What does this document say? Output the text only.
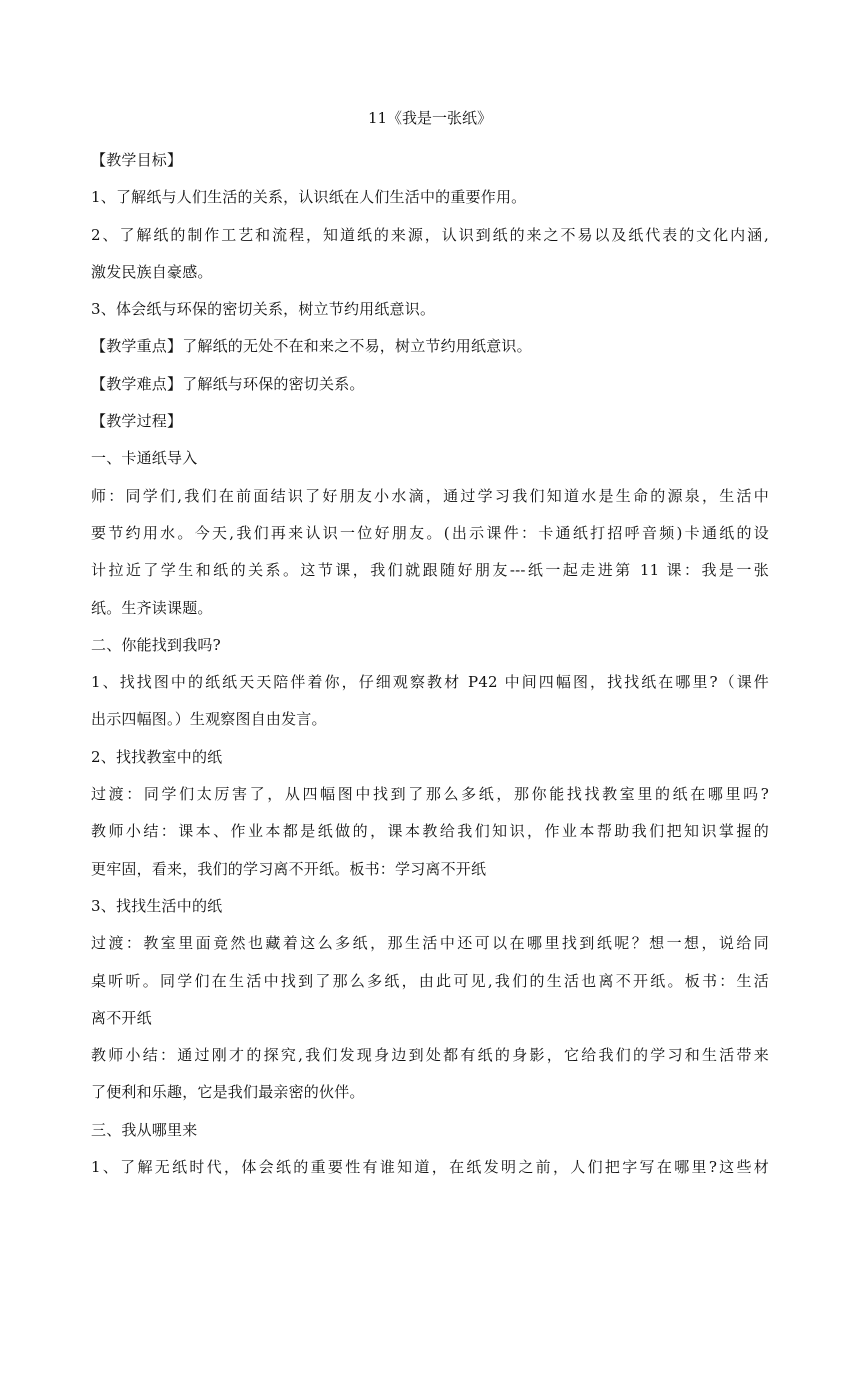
11《我是一张纸》
【教学目标】
1、了解纸与人们生活的关系，认识纸在人们生活中的重要作用。
2、了解纸的制作工艺和流程，知道纸的来源，认识到纸的来之不易以及纸代表的文化内涵,
激发民族自豪感。
3、体会纸与环保的密切关系，树立节约用纸意识。
【教学重点】了解纸的无处不在和来之不易，树立节约用纸意识。
【教学难点】了解纸与环保的密切关系。
【教学过程】
一、卡通纸导入
师：同学们,我们在前面结识了好朋友小水滴，通过学习我们知道水是生命的源泉，生活中
要节约用水。今天,我们再来认识一位好朋友。(出示课件：卡通纸打招呼音频)卡通纸的设
计拉近了学生和纸的关系。这节课，我们就跟随好朋友---纸一起走进第 11 课：我是一张
纸。生齐读课题。
二、你能找到我吗?
1、找找图中的纸纸天天陪伴着你，仔细观察教材 P42 中间四幅图，找找纸在哪里?（课件
出示四幅图。）生观察图自由发言。
2、找找教室中的纸
过渡：同学们太厉害了，从四幅图中找到了那么多纸，那你能找找教室里的纸在哪里吗?
教师小结：课本、作业本都是纸做的，课本教给我们知识，作业本帮助我们把知识掌握的
更牢固，看来，我们的学习离不开纸。板书：学习离不开纸
3、找找生活中的纸
过渡：教室里面竟然也藏着这么多纸，那生活中还可以在哪里找到纸呢？想一想，说给同
桌听听。同学们在生活中找到了那么多纸，由此可见,我们的生活也离不开纸。板书：生活
离不开纸
教师小结：通过刚才的探究,我们发现身边到处都有纸的身影，它给我们的学习和生活带来
了便利和乐趣，它是我们最亲密的伙伴。
三、我从哪里来
1、了解无纸时代，体会纸的重要性有谁知道，在纸发明之前，人们把字写在哪里?这些材
